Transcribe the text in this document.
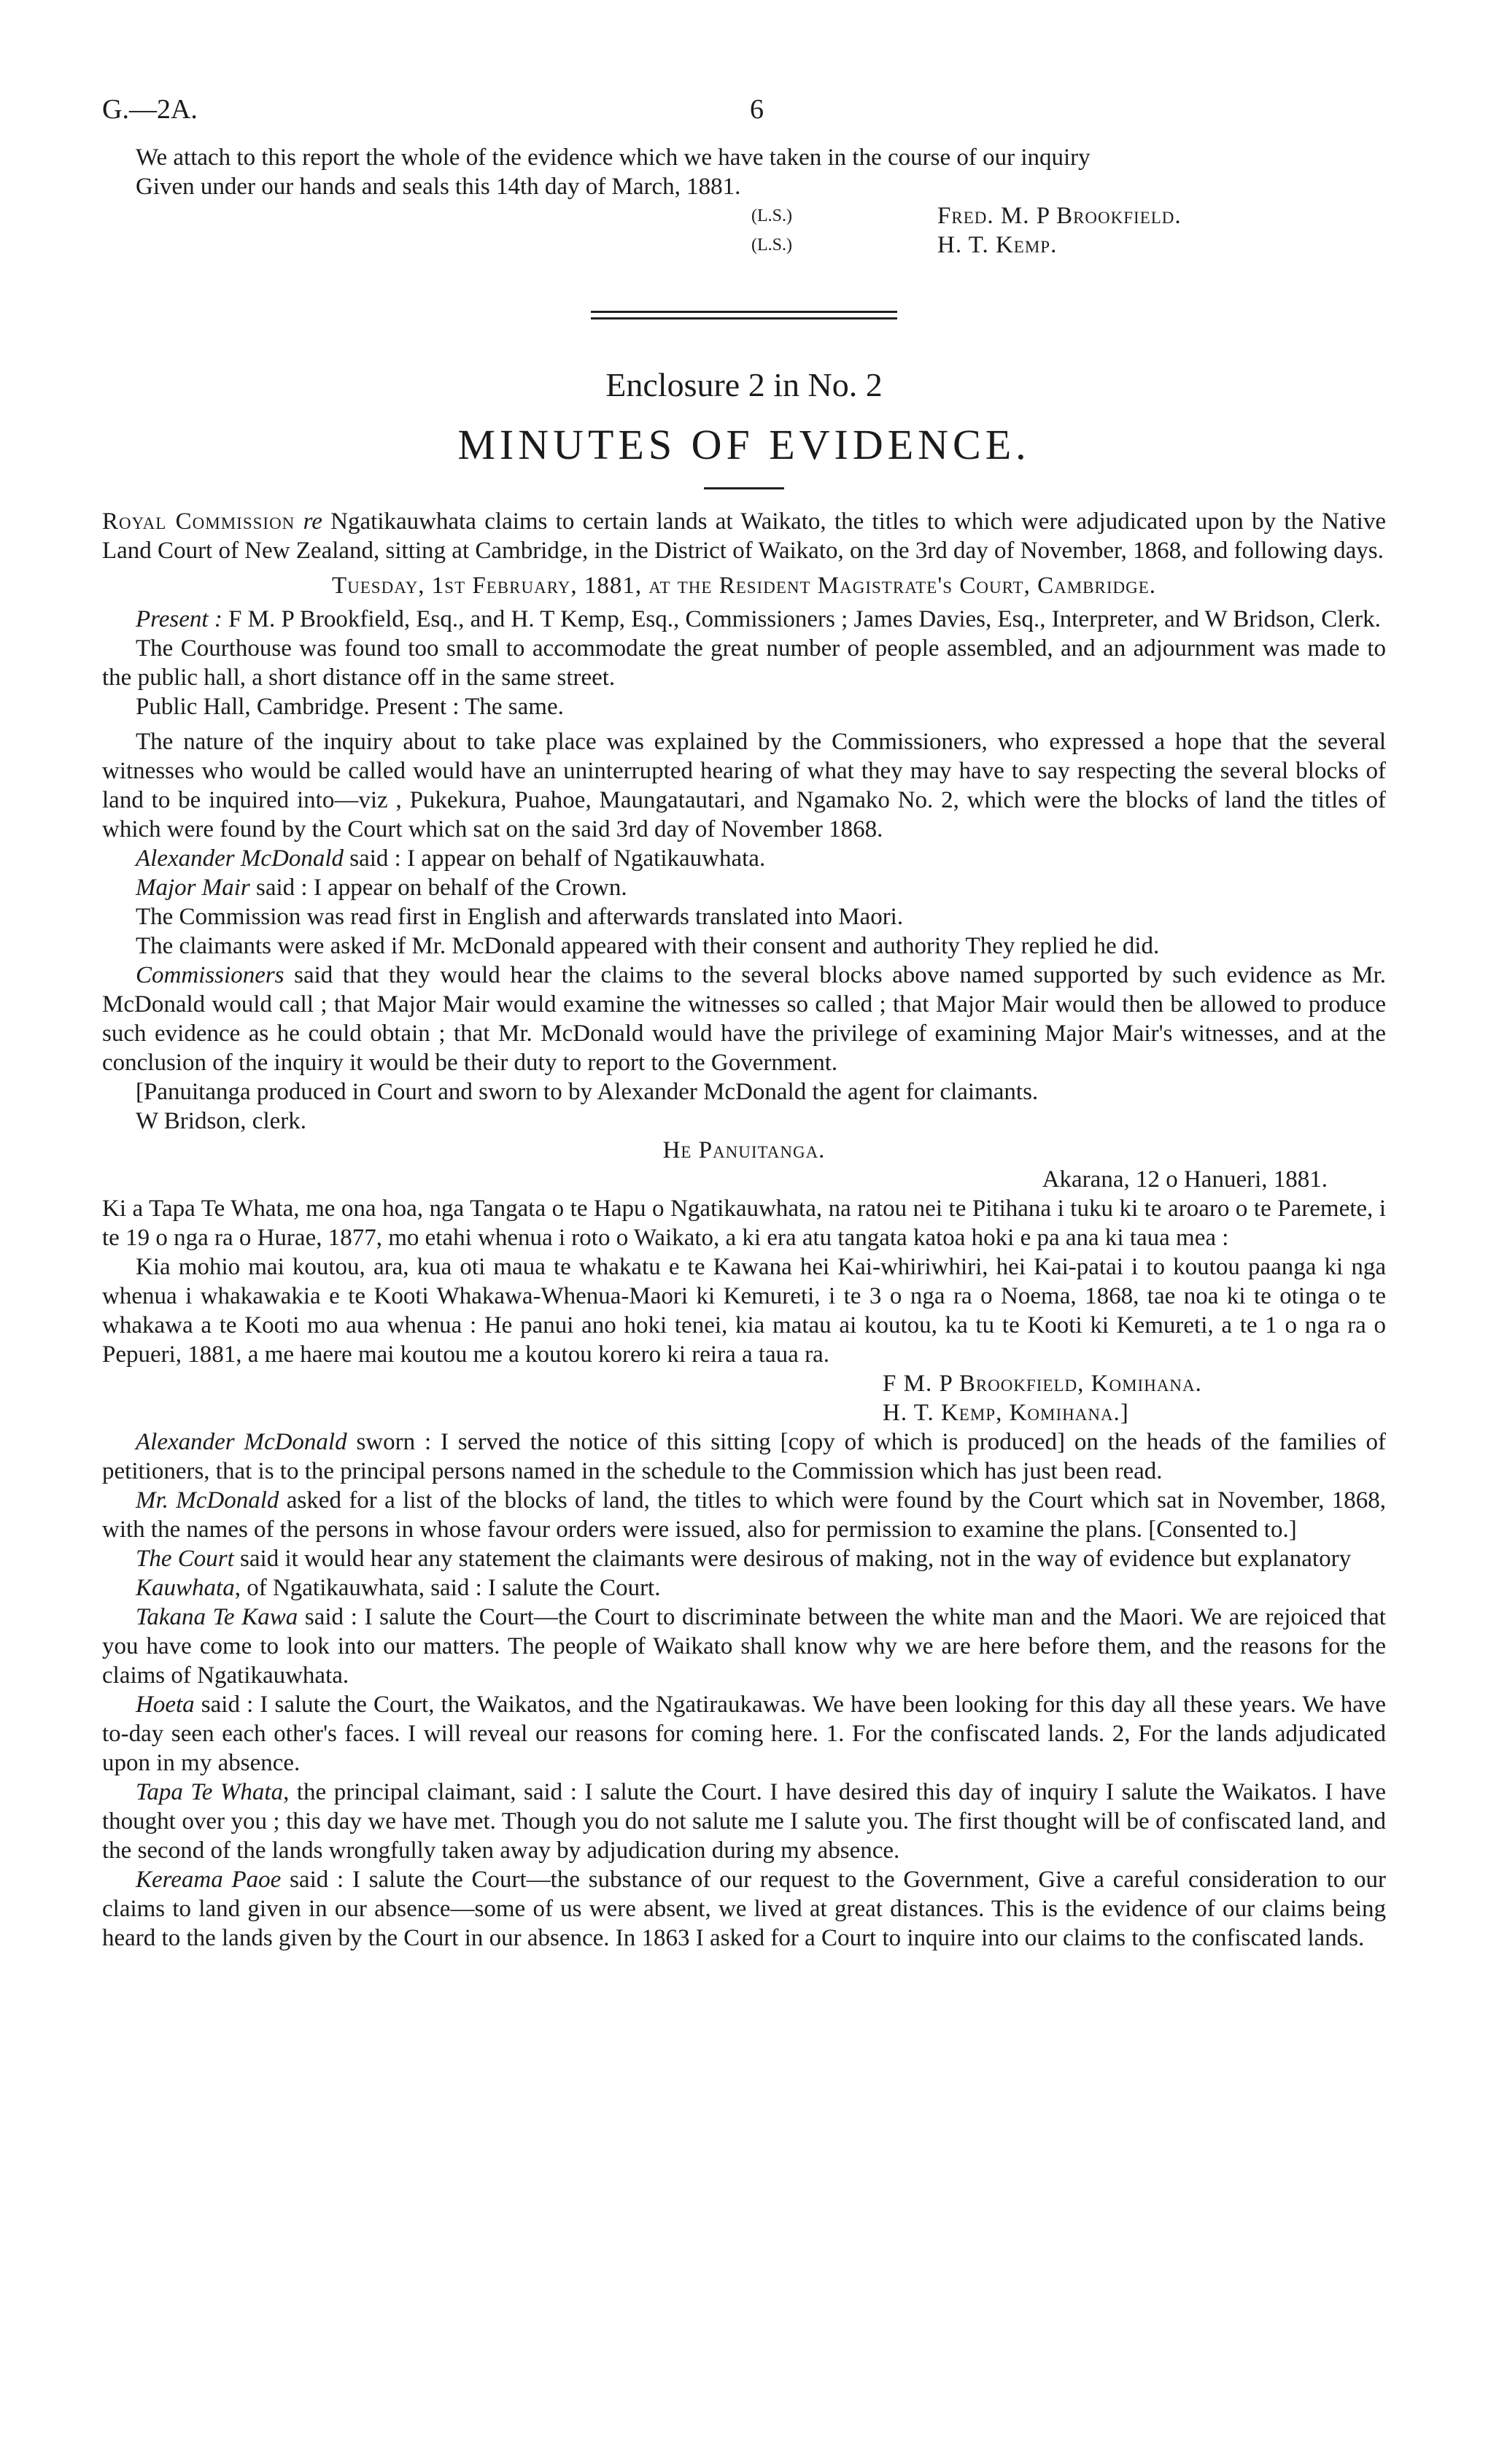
G.—2A.	6

We attach to this report the whole of the evidence which we have taken in the course of our inquiry

Given under our hands and seals this 14th day of March, 1881.

(L.S.)	Fred. M. P Brookfield.
(L.S.)	H. T. Kemp.
Enclosure 2 in No. 2
MINUTES OF EVIDENCE.

Royal Commission re Ngatikauwhata claims to certain lands at Waikato, the titles to which were adjudicated upon by the Native Land Court of New Zealand, sitting at Cambridge, in the District of Waikato, on the 3rd day of November, 1868, and following days.

Tuesday, 1st February, 1881, at the Resident Magistrate's Court, Cambridge.

Present : F M. P Brookfield, Esq., and H. T Kemp, Esq., Commissioners ; James Davies, Esq., Interpreter, and W Bridson, Clerk.

The Courthouse was found too small to accommodate the great number of people assembled, and an adjournment was made to the public hall, a short distance off in the same street.

Public Hall, Cambridge. Present : The same.

The nature of the inquiry about to take place was explained by the Commissioners, who expressed a hope that the several witnesses who would be called would have an uninterrupted hearing of what they may have to say respecting the several blocks of land to be inquired into—viz , Pukekura, Puahoe, Maungatautari, and Ngamako No. 2, which were the blocks of land the titles of which were found by the Court which sat on the said 3rd day of November 1868.

Alexander McDonald said : I appear on behalf of Ngatikauwhata.

Major Mair said : I appear on behalf of the Crown.

The Commission was read first in English and afterwards translated into Maori.

The claimants were asked if Mr. McDonald appeared with their consent and authority They replied he did.

Commissioners said that they would hear the claims to the several blocks above named supported by such evidence as Mr. McDonald would call ; that Major Mair would examine the witnesses so called ; that Major Mair would then be allowed to produce such evidence as he could obtain ; that Mr. McDonald would have the privilege of examining Major Mair's witnesses, and at the conclusion of the inquiry it would be their duty to report to the Government.

[Panuitanga produced in Court and sworn to by Alexander McDonald the agent for claimants.

W Bridson, clerk.

He Panuitanga.

Akarana, 12 o Hanueri, 1881.

Ki a Tapa Te Whata, me ona hoa, nga Tangata o te Hapu o Ngatikauwhata, na ratou nei te Pitihana i tuku ki te aroaro o te Paremete, i te 19 o nga ra o Hurae, 1877, mo etahi whenua i roto o Waikato, a ki era atu tangata katoa hoki e pa ana ki taua mea :

Kia mohio mai koutou, ara, kua oti maua te whakatu e te Kawana hei Kai-whiriwhiri, hei Kai-patai i to koutou paanga ki nga whenua i whakawakia e te Kooti Whakawa-Whenua-Maori ki Kemureti, i te 3 o nga ra o Noema, 1868, tae noa ki te otinga o te whakawa a te Kooti mo aua whenua : He panui ano hoki tenei, kia matau ai koutou, ka tu te Kooti ki Kemureti, a te 1 o nga ra o Pepueri, 1881, a me haere mai koutou me a koutou korero ki reira a taua ra.

F M. P Brookfield, Komihana.

H. T. Kemp, Komihana.]

Alexander McDonald sworn : I served the notice of this sitting [copy of which is produced] on the heads of the families of petitioners, that is to the principal persons named in the schedule to the Commission which has just been read.

Mr. McDonald asked for a list of the blocks of land, the titles to which were found by the Court which sat in November, 1868, with the names of the persons in whose favour orders were issued, also for permission to examine the plans. [Consented to.]

The Court said it would hear any statement the claimants were desirous of making, not in the way of evidence but explanatory

Kauwhata, of Ngatikauwhata, said : I salute the Court.

Takana Te Kawa said : I salute the Court—the Court to discriminate between the white man and the Maori. We are rejoiced that you have come to look into our matters. The people of Waikato shall know why we are here before them, and the reasons for the claims of Ngatikauwhata.

Hoeta said : I salute the Court, the Waikatos, and the Ngatiraukawas. We have been looking for this day all these years. We have to-day seen each other's faces. I will reveal our reasons for coming here. 1. For the confiscated lands. 2, For the lands adjudicated upon in my absence.

Tapa Te Whata, the principal claimant, said : I salute the Court. I have desired this day of inquiry I salute the Waikatos. I have thought over you ; this day we have met. Though you do not salute me I salute you. The first thought will be of confiscated land, and the second of the lands wrongfully taken away by adjudication during my absence.

Kereama Paoe said : I salute the Court—the substance of our request to the Government, Give a careful consideration to our claims to land given in our absence—some of us were absent, we lived at great distances. This is the evidence of our claims being heard to the lands given by the Court in our absence. In 1863 I asked for a Court to inquire into our claims to the confiscated lands.
